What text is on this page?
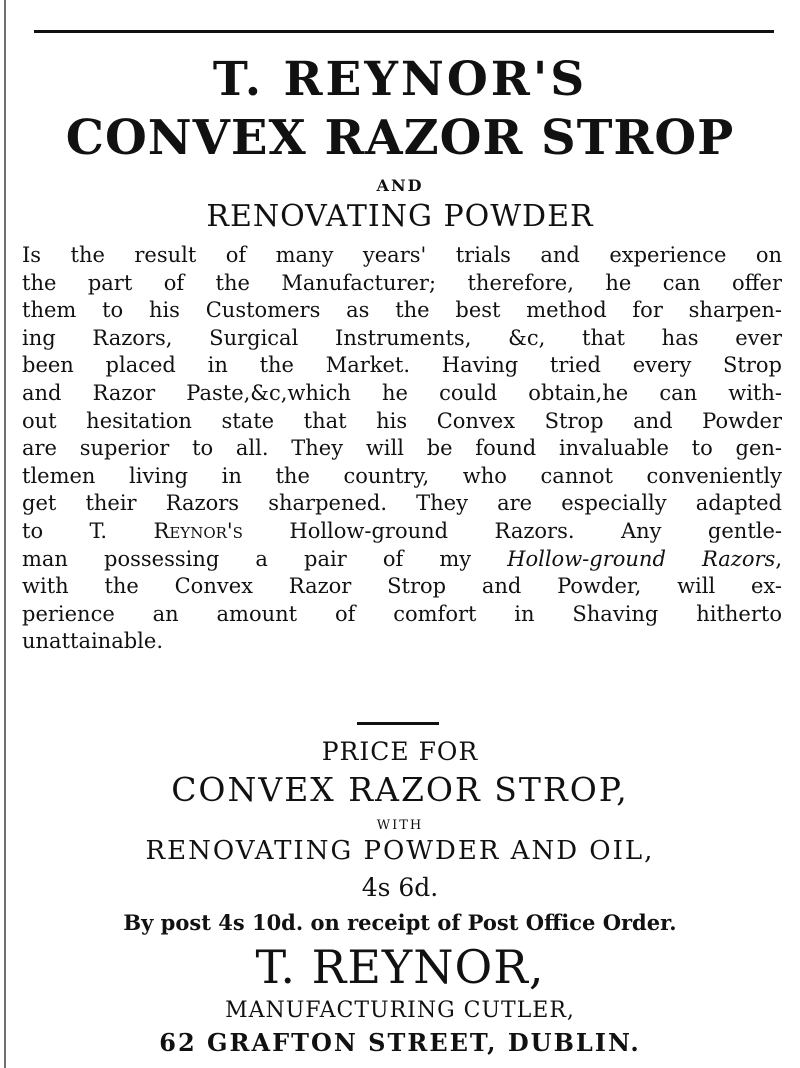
T. REYNOR'S
CONVEX RAZOR STROP
AND
RENOVATING POWDER
Is the result of many years' trials and experience on
the part of the Manufacturer; therefore, he can offer
them to his Customers as the best method for sharpen-
ing Razors, Surgical Instruments, &c, that has ever
been placed in the Market. Having tried every Strop
and Razor Paste,&c,which he could obtain,he can with-
out hesitation state that his Convex Strop and Powder
are superior to all. They will be found invaluable to gen-
tlemen living in the country, who cannot conveniently
get their Razors sharpened. They are especially adapted
to T. Reynor's Hollow-ground Razors. Any gentle-
man possessing a pair of my Hollow-ground Razors,
with the Convex Razor Strop and Powder, will ex-
perience an amount of comfort in Shaving hitherto
unattainable.
PRICE FOR
CONVEX RAZOR STROP,
WITH
RENOVATING POWDER AND OIL,
4s 6d.
By post 4s 10d. on receipt of Post Office Order.
T. REYNOR,
MANUFACTURING CUTLER,
62 GRAFTON STREET, DUBLIN.
